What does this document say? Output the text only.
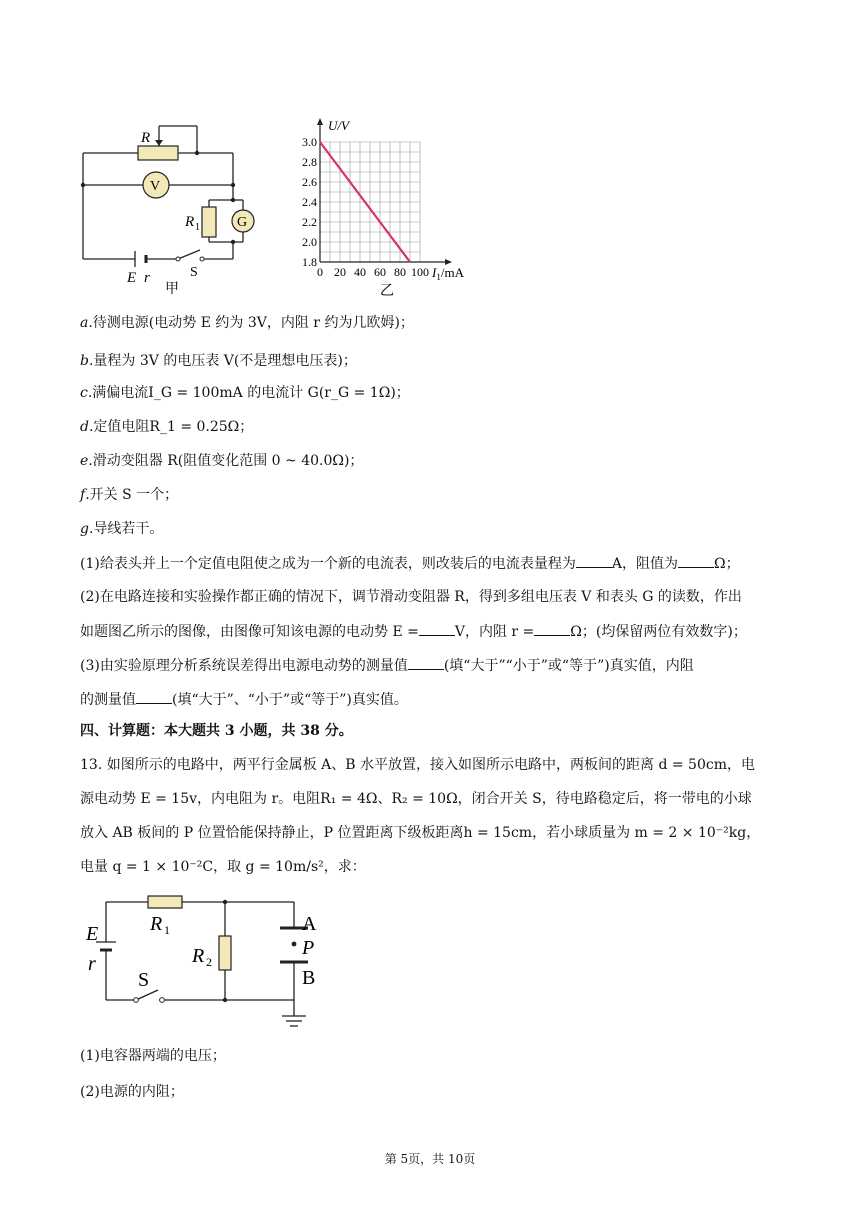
R
V
R 1	G
E r	S
甲
U/V
$I_1/mA$
3.0
2.8
2.6
2.4
2.2
2.0
1.8
0 20 40 60 80 100
乙
a.待测电源(电动势 E 约为 3V，内阻 r 约为几欧姆)；
b.量程为 3V 的电压表 V(不是理想电压表)；
c.满偏电流I_G = 100mA 的电流计 G(r_G = 1Ω)；
d.定值电阻R_1 = 0.25Ω；
e.滑动变阻器 R(阻值变化范围 0 ~ 40.0Ω)；
f.开关 S 一个；
g.导线若干。
(1)给表头并上一个定值电阻使之成为一个新的电流表，则改装后的电流表量程为	A，阻值为	Ω；
(2)在电路连接和实验操作都正确的情况下，调节滑动变阻器 R，得到多组电压表 V 和表头 G 的读数，作出
如题图乙所示的图像，由图像可知该电源的电动势 E =	V，内阻 r =	Ω；(均保留两位有效数字)；
(3)由实验原理分析系统误差得出电源电动势的测量值	(填“大于”“小于”或“等于”)真实值，内阻
的测量值	(填“大于”、“小于”或“等于”)真实值。
四、计算题：本大题共 3 小题，共 38 分。
13. 如图所示的电路中，两平行金属板 A、B 水平放置，接入如图所示电路中，两板间的距离 d = 50cm，电
源电动势 E = 15v，内电阻为 r。电阻R₁ = 4Ω、R₂ = 10Ω，闭合开关 S，待电路稳定后，将一带电的小球
放入 AB 板间的 P 位置恰能保持静止，P 位置距离下级板距离h = 15cm，若小球质量为 m = 2 × 10⁻²kg，
电量 q = 1 × 10⁻²C，取 g = 10m/s²，求：
E
r
R 1
R 2
A
P
B
S
(1)电容器两端的电压；
(2)电源的内阻；
第 5页，共 10页
